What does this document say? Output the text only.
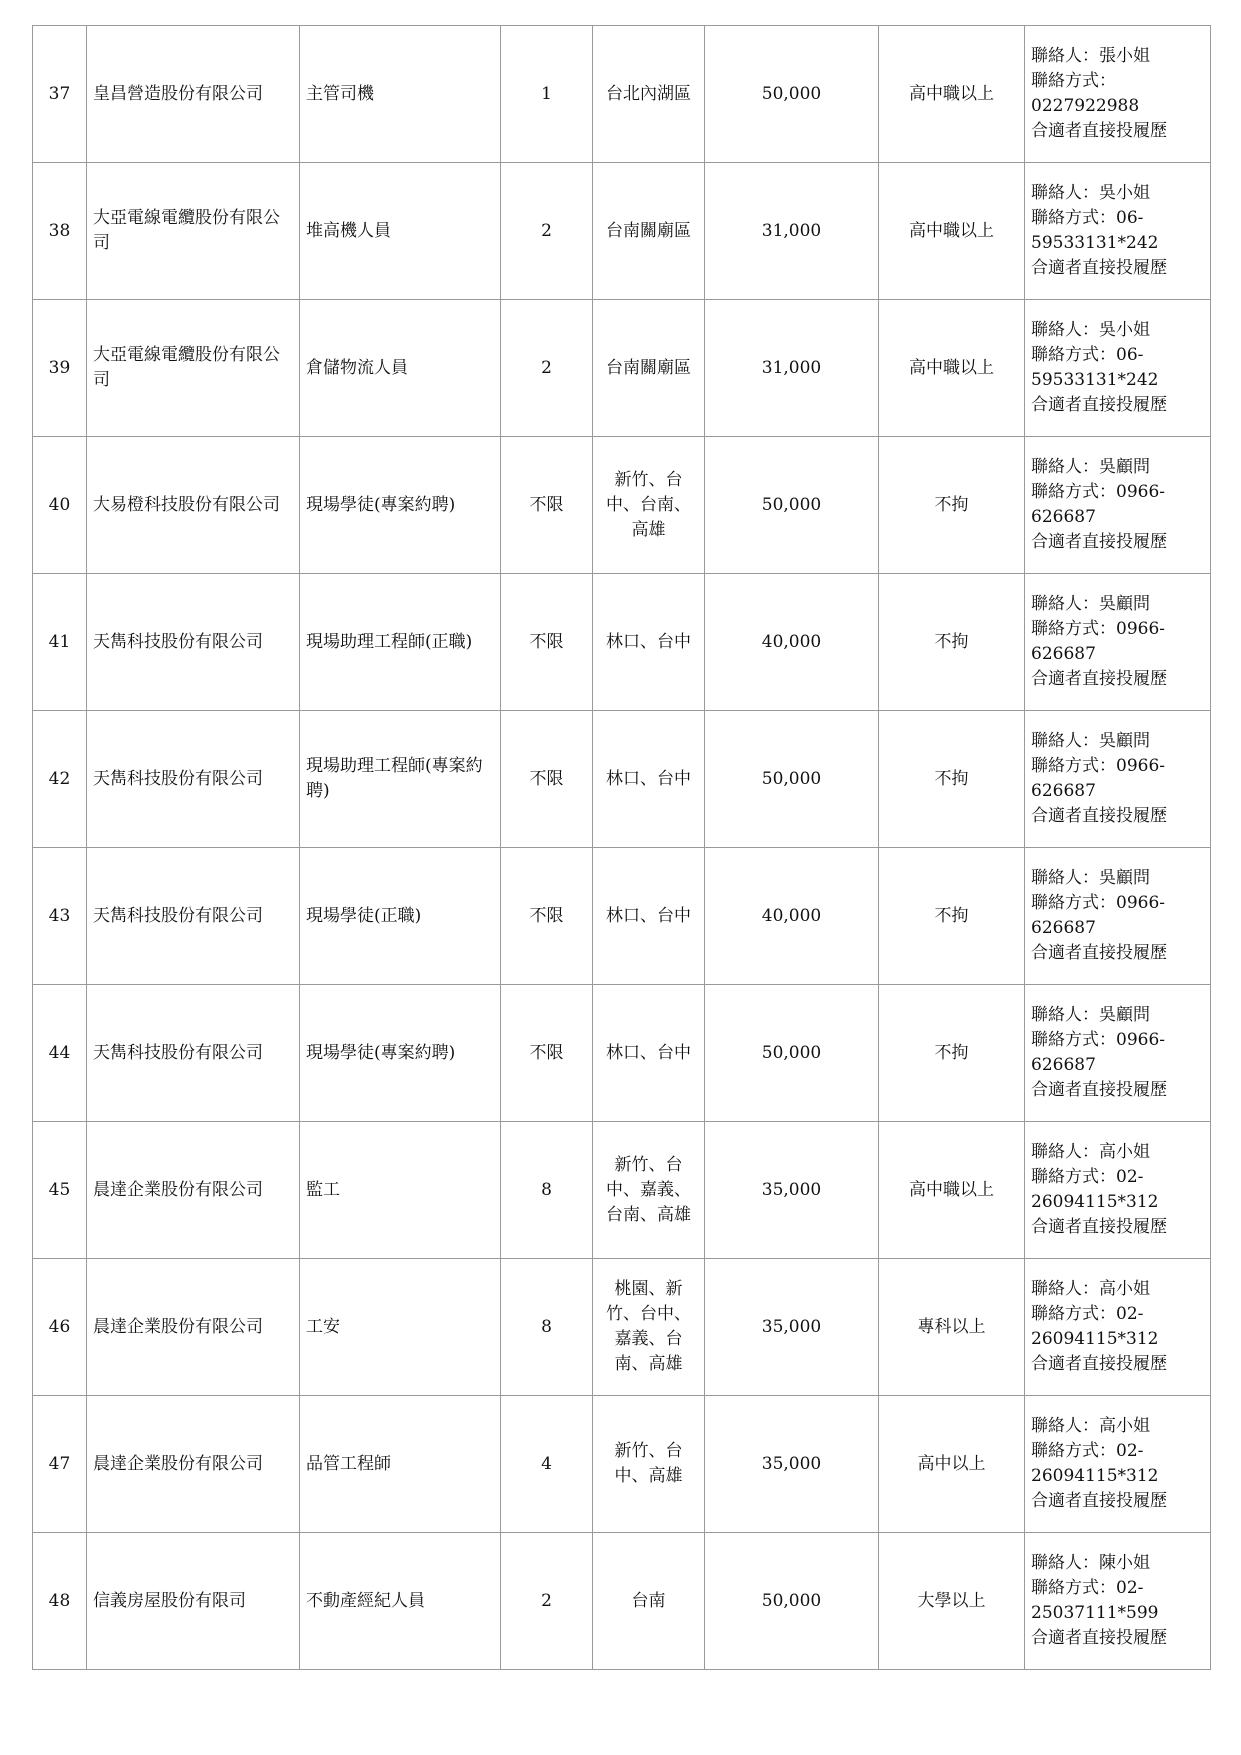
37	皇昌營造股份有限公司	主管司機	1	台北內湖區	50,000	高中職以上	聯絡人：張小姐
聯絡方式：
0227922988
合適者直接投履歷
38	大亞電線電纜股份有限公司	堆高機人員	2	台南關廟區	31,000	高中職以上	聯絡人：吳小姐
聯絡方式：06-
59533131*242
合適者直接投履歷
39	大亞電線電纜股份有限公司	倉儲物流人員	2	台南關廟區	31,000	高中職以上	聯絡人：吳小姐
聯絡方式：06-
59533131*242
合適者直接投履歷
40	大易橙科技股份有限公司	現場學徒(專案約聘)	不限	新竹、台中、台南、高雄	50,000	不拘	聯絡人：吳顧問
聯絡方式：0966-
626687
合適者直接投履歷
41	天雋科技股份有限公司	現場助理工程師(正職)	不限	林口、台中	40,000	不拘	聯絡人：吳顧問
聯絡方式：0966-
626687
合適者直接投履歷
42	天雋科技股份有限公司	現場助理工程師(專案約聘)	不限	林口、台中	50,000	不拘	聯絡人：吳顧問
聯絡方式：0966-
626687
合適者直接投履歷
43	天雋科技股份有限公司	現場學徒(正職)	不限	林口、台中	40,000	不拘	聯絡人：吳顧問
聯絡方式：0966-
626687
合適者直接投履歷
44	天雋科技股份有限公司	現場學徒(專案約聘)	不限	林口、台中	50,000	不拘	聯絡人：吳顧問
聯絡方式：0966-
626687
合適者直接投履歷
45	晨達企業股份有限公司	監工	8	新竹、台中、嘉義、台南、高雄	35,000	高中職以上	聯絡人：高小姐
聯絡方式：02-
26094115*312
合適者直接投履歷
46	晨達企業股份有限公司	工安	8	桃園、新竹、台中、嘉義、台南、高雄	35,000	專科以上	聯絡人：高小姐
聯絡方式：02-
26094115*312
合適者直接投履歷
47	晨達企業股份有限公司	品管工程師	4	新竹、台中、高雄	35,000	高中以上	聯絡人：高小姐
聯絡方式：02-
26094115*312
合適者直接投履歷
48	信義房屋股份有限司	不動產經紀人員	2	台南	50,000	大學以上	聯絡人：陳小姐
聯絡方式：02-
25037111*599
合適者直接投履歷
